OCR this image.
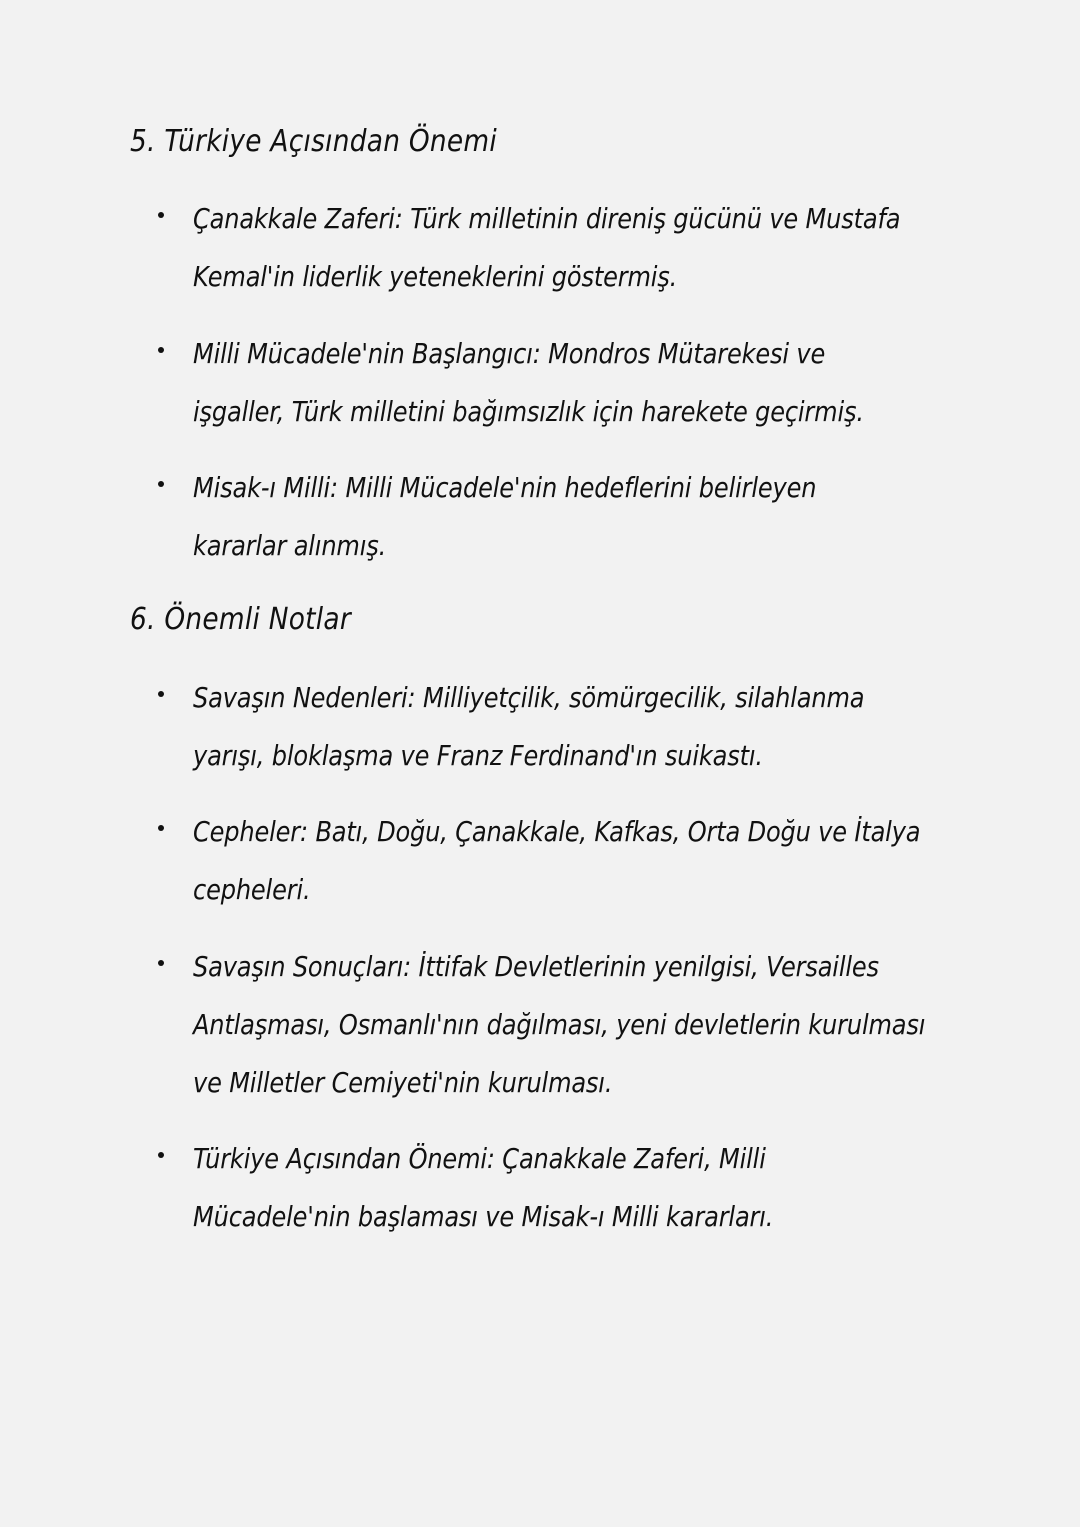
5. Türkiye Açısından Önemi
Çanakkale Zaferi: Türk milletinin direniş gücünü ve Mustafa
Kemal'in liderlik yeteneklerini göstermiş.
Milli Mücadele'nin Başlangıcı: Mondros Mütarekesi ve
işgaller, Türk milletini bağımsızlık için harekete geçirmiş.
Misak-ı Milli: Milli Mücadele'nin hedeflerini belirleyen
kararlar alınmış.
6. Önemli Notlar
Savaşın Nedenleri: Milliyetçilik, sömürgecilik, silahlanma
yarışı, bloklaşma ve Franz Ferdinand'ın suikastı.
Cepheler: Batı, Doğu, Çanakkale, Kafkas, Orta Doğu ve İtalya
cepheleri.
Savaşın Sonuçları: İttifak Devletlerinin yenilgisi, Versailles
Antlaşması, Osmanlı'nın dağılması, yeni devletlerin kurulması
ve Milletler Cemiyeti'nin kurulması.
Türkiye Açısından Önemi: Çanakkale Zaferi, Milli
Mücadele'nin başlaması ve Misak-ı Milli kararları.
